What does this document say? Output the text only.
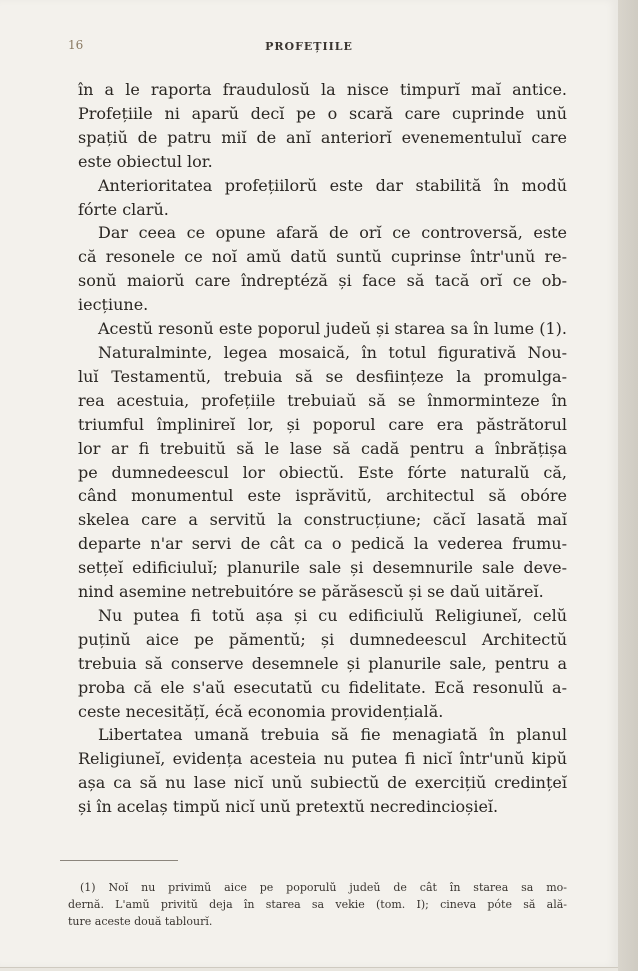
16	PROFEȚIILE
în a le raporta fraudulosŭ la nisce timpurĭ maĭ antice.
Profețiile ni aparŭ decĭ pe o scară care cuprinde unŭ
spațiŭ de patru miĭ de anĭ anteriorĭ evenementuluĭ care
este obiectul lor.
Anterioritatea profețiilorŭ este dar stabilită în modŭ
fórte clarŭ.
Dar ceea ce opune afară de orĭ ce controversă, este
că resonele ce noĭ amŭ datŭ suntŭ cuprinse într'unŭ re-
sonŭ maiorŭ care îndreptéză și face să tacă orĭ ce ob-
iecțiune.
Acestŭ resonŭ este poporul judeŭ și starea sa în lume (1).
Naturalminte, legea mosaică, în totul figurativă Nou-
luĭ Testamentŭ, trebuia să se desființeze la promulga-
rea acestuia, profețiile trebuiaŭ să se înmorminteze în
triumful împlinireĭ lor, și poporul care era păstrătorul
lor ar fi trebuitŭ să le lase să cadă pentru a înbrățișa
pe dumnedeescul lor obiectŭ. Este fórte naturalŭ că,
când monumentul este isprăvitŭ, architectul să obóre
skelea care a servitŭ la construcțiune; căcĭ lasată maĭ
departe n'ar servi de cât ca o pedică la vederea frumu-
setțeĭ edificiuluĭ; planurile sale și desemnurile sale deve-
nind asemine netrebuitóre se părăsescŭ și se daŭ uităreĭ.
Nu putea fi totŭ așa și cu edificiulŭ Religiuneĭ, celŭ
puținŭ aice pe pămentŭ; și dumnedeescul Architectŭ
trebuia să conserve desemnele și planurile sale, pentru a
proba că ele s'aŭ esecutatŭ cu fidelitate. Ecă resonulŭ a-
ceste necesitățĭ, écă economia providențială.
Libertatea umană trebuia să fie menagiată în planul
Religiuneĭ, evidența acesteia nu putea fi nicĭ într'unŭ kipŭ
așa ca să nu lase nicĭ unŭ subiectŭ de exercițiŭ credințeĭ
și în acelaș timpŭ nicĭ unŭ pretextŭ necredincioșieĭ.
(1) Noĭ nu privimŭ aice pe poporulŭ judeŭ de cât în starea sa mo-
dernă. L'amŭ privitŭ deja în starea sa vekie (tom. I); cineva póte să ală-
ture aceste două tablourĭ.
